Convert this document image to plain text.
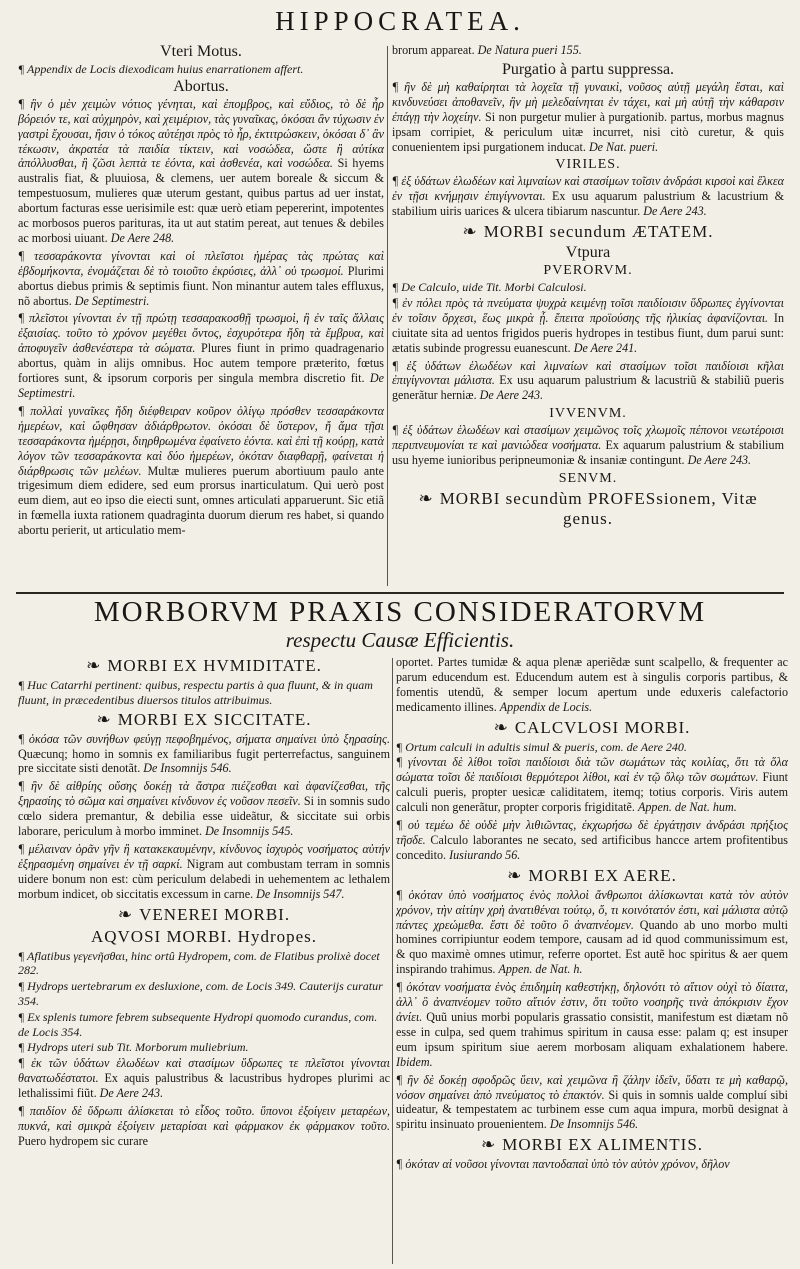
HIPPOCRATEA.
Vteri Motus.
¶ Appendix de Locis diexodicam huius enarrationem affert.
Abortus.
¶ ἢν ὁ μὲν χειμὼν νότιος γένηται, καὶ ἐπομβρος, καὶ εὔδιος, τὸ δὲ ἦρ βόρειόν τε, καὶ αὐχμηρὸν, καὶ χειμέριον, τὰς γυναῖκας, ὁκόσαι ἂν τύχωσιν ἐν γαστρὶ ἔχουσαι, ἢσιν ὁ τόκος αὐτέῃσι πρὸς τὸ ἦρ, ἐκτιτρώσκειν, ὁκόσαι δ᾽ ἂν τέκωσιν, ἀκρατέα τὰ παιδία τίκτειν, καὶ νοσώδεα, ὥστε ἢ αὐτίκα ἀπόλλυσθαι, ἢ ζῶσι λεπτὰ τε ἐόντα, καὶ ἀσθενέα, καὶ νοσώδεα. Si hyems australis fiat, & pluuiosa, & clemens, uer autem boreale & siccum & tempestuosum, mulieres quæ uterum gestant, quibus partus ad uer instat, abortum facturas esse uerisimile est: quæ uerò etiam pepererint, impotentes ac morbosos pueros parituras, ita ut aut statim pereat, aut tenues & debiles ac morbosi uiuant. De Aere 248.
¶ τεσσαράκοντα γίνονται καὶ οἱ πλεῖστοι ἡμέρας τὰς πρώτας καὶ ἑβδομήκοντα, ἐνομάζεται δὲ τὸ τοιοῦτο ἐκρύσιες, ἀλλ᾽ οὐ τρωσμοί. Plurimi abortus diebus primis & septimis fiunt. Non minantur autem tales effluxus, nõ abortus. De Septimestri.
¶ πλεῖστοι γίνονται ἐν τῇ πρώτῃ τεσσαρακοσθῇ τρωσμοὶ, ἢ ἐν ταῖς ἄλλαις ἐξαισίας. τοῦτο τὸ χρόνον μεγέθει ὄντος, ἐσχυρότερα ἤδη τὰ ἔμβρυα, καὶ ἀποφυγεῖν ἀσθενέστερα τὰ σώματα. Plures fiunt in primo quadragenario abortus, quàm in alijs omnibus. Hoc autem tempore præterito, fœtus fortiores sunt, & ipsorum corporis per singula membra discretio fit. De Septimestri.
¶ πολλαὶ γυναῖκες ἤδη διέφθειραν κοῦρον ὀλίγῳ πρόσθεν τεσσαράκοντα ἡμερέων, καὶ ὤφθησαν ἀδιάρθρωτον. ὁκόσαι δὲ ὕστερον, ἤ ἅμα τῇσι τεσσαράκοντα ἡμέρῃσι, διηρθρωμένα ἐφαίνετο ἐόντα. καὶ ἐπὶ τῇ κούρῃ, κατὰ λόγον τῶν τεσσαράκοντα καὶ δύο ἡμερέων, ὁκόταν διαφθαρῇ, φαίνεται ἡ διάρθρωσις τῶν μελέων. Multæ mulieres puerum abortiuum paulo ante trigesimum diem edidere, sed eum prorsus inarticulatum. Qui uerò post eum diem, aut eo ipso die eiecti sunt, omnes articulati apparuerunt. Sic etiã in fœmella iuxta rationem quadraginta duorum dierum res habet, si quando abortu perierit, ut articulatio mem-
brorum appareat. De Natura pueri 155.
Purgatio à partu suppressa.
¶ ἢν δὲ μὴ καθαίρηται τὰ λοχεῖα τῇ γυναικὶ, νοῦσος αὐτῇ μεγάλη ἔσται, καὶ κινδυνεύσει ἀποθανεῖν, ἢν μὴ μελεδαίνηται ἐν τάχει, καὶ μὴ αὐτῇ τὴν κάθαρσιν ἐπάγῃ τὴν λοχείην. Si non purgetur mulier à purgationib. partus, morbus magnus ipsam corripiet, & periculum uitæ incurret, nisi citò curetur, & quis conuenientem ipsi purgationem inducat. De Nat. pueri.
VIRILES.
¶ ἐξ ὑδάτων ἑλωδέων καὶ λιμναίων καὶ στασίμων τοῖσιν ἀνδράσι κιρσοὶ καὶ ἕλκεα ἐν τῇσι κνήμῃσιν ἐπιγίγνονται. Ex usu aquarum palustrium & lacustrium & stabilium uiris uarices & ulcera tibiarum nascuntur. De Aere 243.
❧ MORBI secundum ÆTATEM.
Vtpura
PVERORVM.
¶ De Calculo, uide Tit. Morbi Calculosi.
¶ ἐν πόλει πρὸς τὰ πνεύματα ψυχρὰ κειμένῃ τοῖσι παιδίοισιν ὕδρωπες ἐγγίνονται ἐν τοῖσιν ὄρχεσι, ἕως μικρὰ ᾖ. ἔπειτα προϊούσης τῆς ἡλικίας ἀφανίζονται. In ciuitate sita ad uentos frigidos pueris hydropes in testibus fiunt, dum parui sunt: ætatis subinde progressu euanescunt. De Aere 241.
¶ ἐξ ὑδάτων ἑλωδέων καὶ λιμναίων καὶ στασίμων τοῖσι παιδίοισι κῆλαι ἐπιγίγνονται μάλιστα. Ex usu aquarum palustrium & lacustriũ & stabiliũ pueris generãtur herniæ. De Aere 243.
IVVENVM.
¶ ἐξ ὑδάτων ἑλωδέων καὶ στασίμων χειμῶνος τοῖς χλωμοῖς πέπονοι νεωτέροισι περιπνευμονίαι τε καὶ μανιώδεα νοσήματα. Ex aquarum palustrium & stabilium usu hyeme iunioribus peripneumoniæ & insaniæ contingunt. De Aere 243.
SENVM.
❧ MORBI secundùm PROFESsionem, Vitæ genus.
MORBORVM PRAXIS CONSIDERATORVM
respectu Causæ Efficientis.
❧ MORBI EX HVMIDITATE.
¶ Huc Catarrhi pertinent: quibus, respectu partis à qua fluunt, & in quam fluunt, in præcedentibus diuersos titulos attribuimus.
❧ MORBI EX SICCITATE.
¶ ὁκόσα τῶν συνήθων φεύγῃ πεφοβημένος, σήματα σημαίνει ὑπὸ ξηρασίης. Quæcunq; homo in somnis ex familiaribus fugit perterrefactus, sanguinem pre siccitate sisti denotãt. De Insomnijs 546.
¶ ἢν δὲ αἰθρίης οὔσης δοκέῃ τὰ ἄστρα πιέζεσθαι καὶ ἀφανίζεσθαι, τῆς ξηρασίης τὸ σῶμα καὶ σημαίνει κίνδυνον ἐς νοῦσον πεσεῖν. Si in somnis sudo cœlo sidera premantur, & debilia esse uideãtur, & siccitate sui orbis laborare, periculum à morbo imminet. De Insomnijs 545.
¶ μέλαιναν ὁρᾶν γῆν ἢ κατακεκαυμένην, κίνδυνος ἰσχυρὸς νοσήματος αὐτήν ἐξηρασμένη σημαίνει ἐν τῇ σαρκί. Nigram aut combustam terram in somnis uidere bonum non est: cùm periculum delabedi in uehementem ac lethalem morbum indicet, ob siccitatis excessum in carne. De Insomnijs 547.
❧ VENEREI MORBI.
AQVOSI MORBI. Hydropes.
¶ Aflatibus γεγενῆσθαι, hinc ortû Hydropem, com. de Flatibus prolixè docet 282.
¶ Hydrops uertebrarum ex desluxione, com. de Locis 349. Cauterijs curatur 354.
¶ Ex splenis tumore febrem subsequente Hydropi quomodo curandus, com. de Locis 354.
¶ Hydrops uteri sub Tit. Morborum muliebrium.
¶ ἐκ τῶν ὑδάτων ἑλωδέων καὶ στασίμων ὕδρωπες τε πλεῖστοι γίνονται θανατωδέστατοι. Ex aquis palustribus & lacustribus hydropes plurimi ac lethalissimi fiũt. De Aere 243.
¶ παιδίον δὲ ὕδρωπι ἁλίσκεται τὸ εἶδος τοῦτο. ὕπονοι ἐξοίγειν μεταρέων, πυκνά, καὶ σμικρὰ ἐξοίγειν μεταρίσαι καὶ φάρμακον ἐκ φάρμακον τοῦτο. Puero hydropem sic curare
oportet. Partes tumidæ & aqua plenæ aperiẽdæ sunt scalpello, & frequenter ac parum educendum est. Educendum autem est à singulis corporis partibus, & fomentis utendũ, & semper locum apertum unde eduxeris calefactorio medicamento illines. Appendix de Locis.
❧ CALCVLOSI MORBI.
¶ Ortum calculi in adultis simul & pueris, com. de Aere 240.
¶ γίνονται δὲ λίθοι τοῖσι παιδίοισι διὰ τῶν σωμάτων τὰς κοιλίας, ὅτι τὰ ὅλα σώματα τοῖσι δὲ παιδίοισι θερμότεροι λίθοι, καὶ ἐν τῷ ὅλῳ τῶν σωμάτων. Fiunt calculi pueris, propter uesicæ caliditatem, itemq; totius corporis. Viris autem calculi non generãtur, propter corporis frigiditatẽ. Appen. de Nat. hum.
¶ οὐ τεμέω δὲ οὐδὲ μὴν λιθιῶντας, ἐκχωρήσω δὲ ἐργάτῃσιν ἀνδράσι πρήξιος τῆσδε. Calculo laborantes ne secato, sed artificibus hancce artem profitentibus concedito. Iusiurando 56.
❧ MORBI EX AERE.
¶ ὁκόταν ὑπὸ νοσήματος ἑνὸς πολλοὶ ἄνθρωποι ἁλίσκωνται κατὰ τὸν αὐτὸν χρόνον, τὴν αἰτίην χρὴ ἀνατιθέναι τούτῳ, ὅ, τι κοινότατόν ἐστι, καὶ μάλιστα αὐτῷ πάντες χρεώμεθα. ἔστι δὲ τοῦτο ὃ ἀναπνέομεν. Quando ab uno morbo multi homines corripiuntur eodem tempore, causam ad id quod communissimum est, & quo maximè omnes utimur, referre oportet. Est autẽ hoc spiritus & aer quem inspirando trahimus. Appen. de Nat. h.
¶ ὁκόταν νοσήματα ἑνὸς ἐπιδημίη καθεστήκῃ, δηλονότι τὸ αἴτιον οὐχὶ τὸ δίαιτα, ἀλλ᾽ ὃ ἀναπνέομεν τοῦτο αἴτιόν ἐστιν, ὅτι τοῦτο νοσηρῆς τινὰ ἀπόκρισιν ἔχον ἀνίει. Quũ unius morbi popularis grassatio consistit, manifestum est diætam nõ esse in culpa, sed quem trahimus spiritum in causa esse: palam q; est insuper eum ipsum spiritum siue aerem morbosam aliquam exhalationem habere. Ibidem.
¶ ἢν δὲ δοκέῃ σφοδρῶς ὕειν, καὶ χειμῶνα ἢ ζάλην ἰδεῖν, ὕδατι τε μὴ καθαρῷ, νόσον σημαίνει ἀπὸ πνεύματος τὸ ἐπακτόν. Si quis in somnis ualde compluí sibi uideatur, & tempestatem ac turbinem esse cum aqua impura, morbũ designat à spiritu insinuato prouenientem. De Insomnijs 546.
❧ MORBI EX ALIMENTIS.
¶ ὁκόταν αἱ νοῦσοι γίνονται παντοδαπαὶ ὑπὸ τὸν αὐτὸν χρόνον, δῆλον
